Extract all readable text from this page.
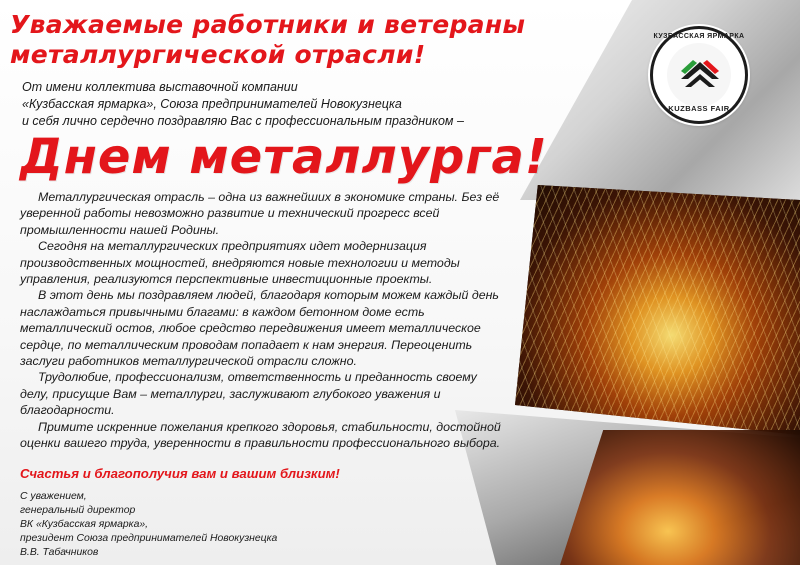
Уважаемые работники и ветераны
металлургической отрасли!

От имени коллектива выставочной компании
«Кузбасская ярмарка», Союза предпринимателей Новокузнецка
и себя лично сердечно поздравляю Вас с профессиональным праздником –

КУЗБАССКАЯ ЯРМАРКА
KUZBASS FAIR
Днем металлурга!

Металлургическая отрасль – одна из важнейших в экономике страны. Без её уверенной работы невозможно развитие и технический прогресс всей промышленности нашей Родины.

Сегодня на металлургических предприятиях идет модернизация производственных мощностей, внедряются новые технологии и методы управления, реализуются перспективные инвестиционные проекты.

В этот день мы поздравляем людей, благодаря которым можем каждый день наслаждаться привычными благами: в каждом бетонном доме есть металлический остов, любое средство передвижения имеет металлическое сердце, по металлическим проводам попадает к нам энергия. Переоценить заслуги работников металлургической отрасли сложно.

Трудолюбие, профессионализм, ответственность и преданность своему делу, присущие Вам – металлурги, заслуживают глубокого уважения и благодарности.

Примите искренние пожелания крепкого здоровья, стабильности, достойной оценки вашего труда, уверенности в правильности профессионального выбора.

Счастья и благополучия вам и вашим близким!

С уважением,
генеральный директор
ВК «Кузбасская ярмарка»,
президент Союза предпринимателей Новокузнецка
В.В. Табачников
